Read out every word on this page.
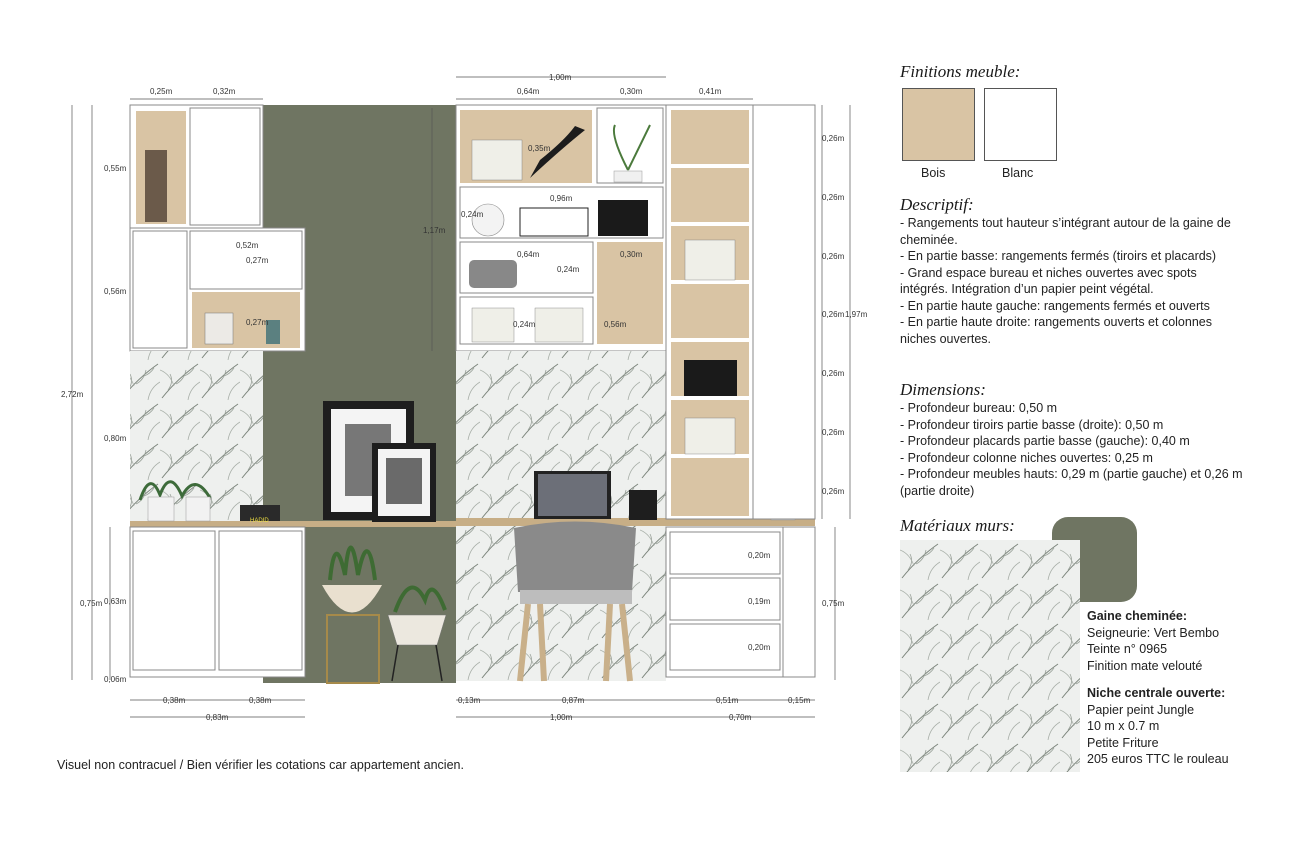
HADID
0,25m	0,32m
1,00m
0,64m	0,30m	0,41m
0,55m
0,56m
0,80m
0,63m
0,06m
2,72m
0,75m
0,52m
0,27m
0,27m
0,35m
0,96m
0,24m
0,64m
0,24m
0,30m
0,24m	0,56m
1,17m
0,26m
0,26m
0,26m
0,26m
0,26m
0,26m
0,26m
1,97m
0,20m
0,19m
0,20m
0,75m
0,38m	0,38m
0,83m
0,13m	0,87m
1,00m
0,51m	0,15m
0,70m

Finitions meuble:

Bois	Blanc

Descriptif:

- Rangements tout hauteur s’intégrant autour de la gaine de cheminée.

- En partie basse: rangements fermés (tiroirs et placards)

- Grand espace bureau et niches ouvertes avec spots intégrés. Intégration d’un papier peint végétal.

- En partie haute gauche: rangements fermés et ouverts

- En partie haute droite: rangements ouverts et colonnes niches ouvertes.

Dimensions:

- Profondeur bureau: 0,50 m

- Profondeur tiroirs partie basse (droite): 0,50 m

- Profondeur placards partie basse (gauche): 0,40 m

- Profondeur colonne niches ouvertes: 0,25 m

- Profondeur meubles hauts: 0,29 m (partie gauche) et 0,26 m (partie droite)

Matériaux murs:

Gaine cheminée:

Seigneurie: Vert Bembo

Teinte n° 0965

Finition mate velouté

Niche centrale ouverte:

Papier peint Jungle

10 m x 0.7 m

Petite Friture

205 euros TTC le rouleau

Visuel non contracuel / Bien vérifier les cotations car appartement ancien.
